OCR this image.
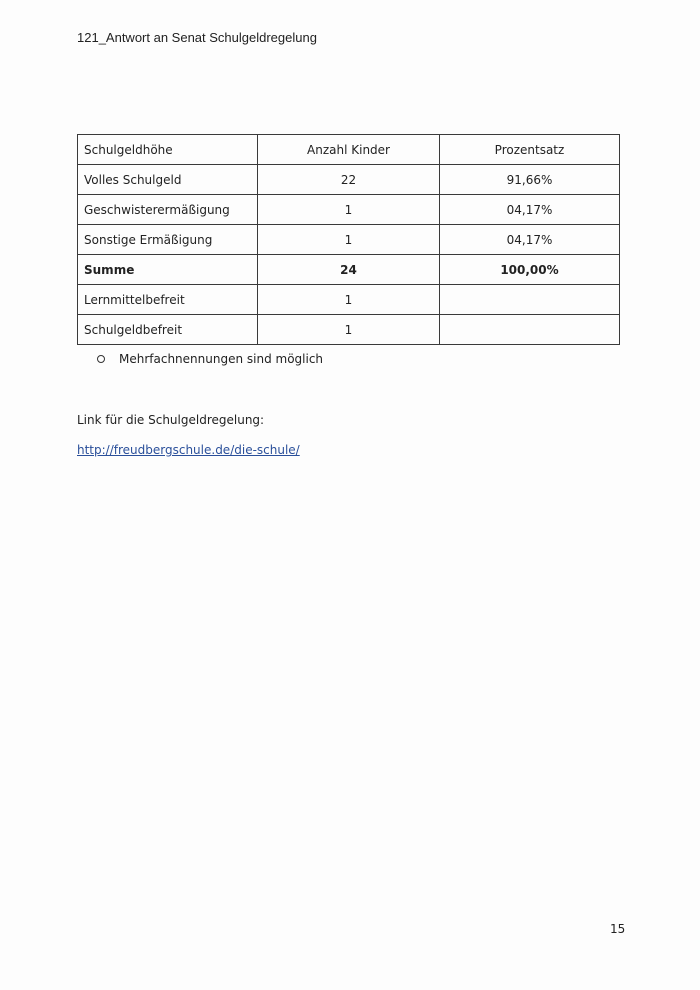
121_Antwort an Senat Schulgeldregelung
Schulgeldhöhe	Anzahl Kinder	Prozentsatz
Volles Schulgeld	22	91,66%
Geschwisterermäßigung	1	04,17%
Sonstige Ermäßigung	1	04,17%
Summe	24	100,00%
Lernmittelbefreit	1	
Schulgeldbefreit	1	
Mehrfachnennungen sind möglich
Link für die Schulgeldregelung:
http://freudbergschule.de/die-schule/
15
